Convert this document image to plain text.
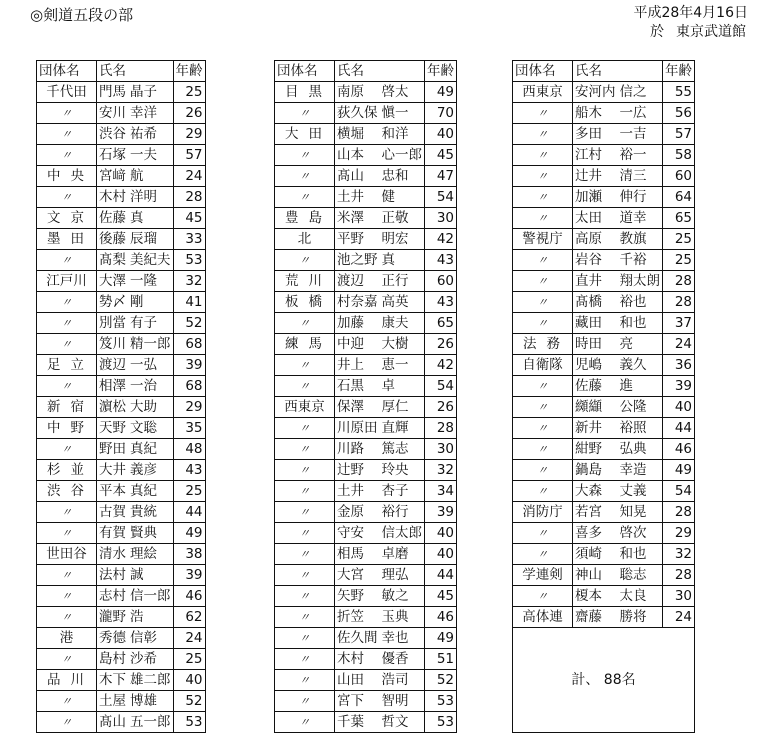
◎剣道五段の部	平成28年4月16日
於 東京武道館
団体名	氏名		年齢
千代田	門馬	晶子	25
〃	安川	幸洋	26
〃	渋谷	祐希	29
〃	石塚	一夫	57
中央	宮﨑	航	24
〃	木村	洋明	28
文京	佐藤	真	45
墨田	後藤	辰瑠	33
〃	髙梨	美紀夫	53
江戸川	大澤	一隆	32
〃	㔟〆	剛	41
〃	別當	有子	52
〃	笈川	精一郎	68
足立	渡辺	一弘	39
〃	相澤	一治	68
新宿	濵松	大助	29
中野	天野	文聡	35
〃	野田	真紀	48
杉並	大井	義彦	43
渋谷	平本	真紀	25
〃	古賀	貴統	44
〃	有賀	賢典	49
世田谷	清水	理絵	38
〃	法村	誠	39
〃	志村	信一郎	46
〃	瀧野	浩	62
港	秀德	信彰	24
〃	島村	沙希	25
品川	木下	雄二郎	40
〃	土屋	博雄	52
〃	髙山	五一郎	53
団体名	氏名		年齢
目黒	南原	啓太	49
〃	荻久保	愼一	70
大田	横堀	和洋	40
〃	山本	心一郎	45
〃	髙山	忠和	47
〃	土井	健	54
豊島	米澤	正敬	30
北	平野	明宏	42
〃	池之野	真	43
荒川	渡辺	正行	60
板橋	村奈嘉	高英	43
〃	加藤	康夫	65
練馬	中迎	大樹	26
〃	井上	恵一	42
〃	石黒	卓	54
西東京	保澤	厚仁	26
〃	川原田	直輝	28
〃	川路	篤志	30
〃	辻野	玲央	32
〃	土井	杏子	34
〃	金原	裕行	39
〃	守安	信太郎	40
〃	相馬	卓磨	40
〃	大宮	理弘	44
〃	矢野	敏之	45
〃	折笠	玉典	46
〃	佐久間	幸也	49
〃	木村	優香	51
〃	山田	浩司	52
〃	宮下	智明	53
〃	千葉	哲文	53
団体名	氏名		年齢
西東京	安河内	信之	55
〃	船木	一広	56
〃	多田	一吉	57
〃	江村	裕一	58
〃	辻井	清三	60
〃	加瀬	伸行	64
〃	太田	道幸	65
警視庁	高原	教旗	25
〃	岩谷	千裕	25
〃	直井	翔太朗	28
〃	髙橋	裕也	28
〃	藏田	和也	37
法務	時田	亮	24
自衛隊	児嶋	義久	36
〃	佐藤	進	39
〃	纐纈	公隆	40
〃	新井	裕照	44
〃	紺野	弘典	46
〃	鍋島	幸造	49
〃	大森	丈義	54
消防庁	若宮	知晃	28
〃	喜多	啓次	29
〃	須崎	和也	32
学連剣	神山	聡志	28
〃	榎本	太良	30
高体連	齋藤	勝将	24
計、 88名			
